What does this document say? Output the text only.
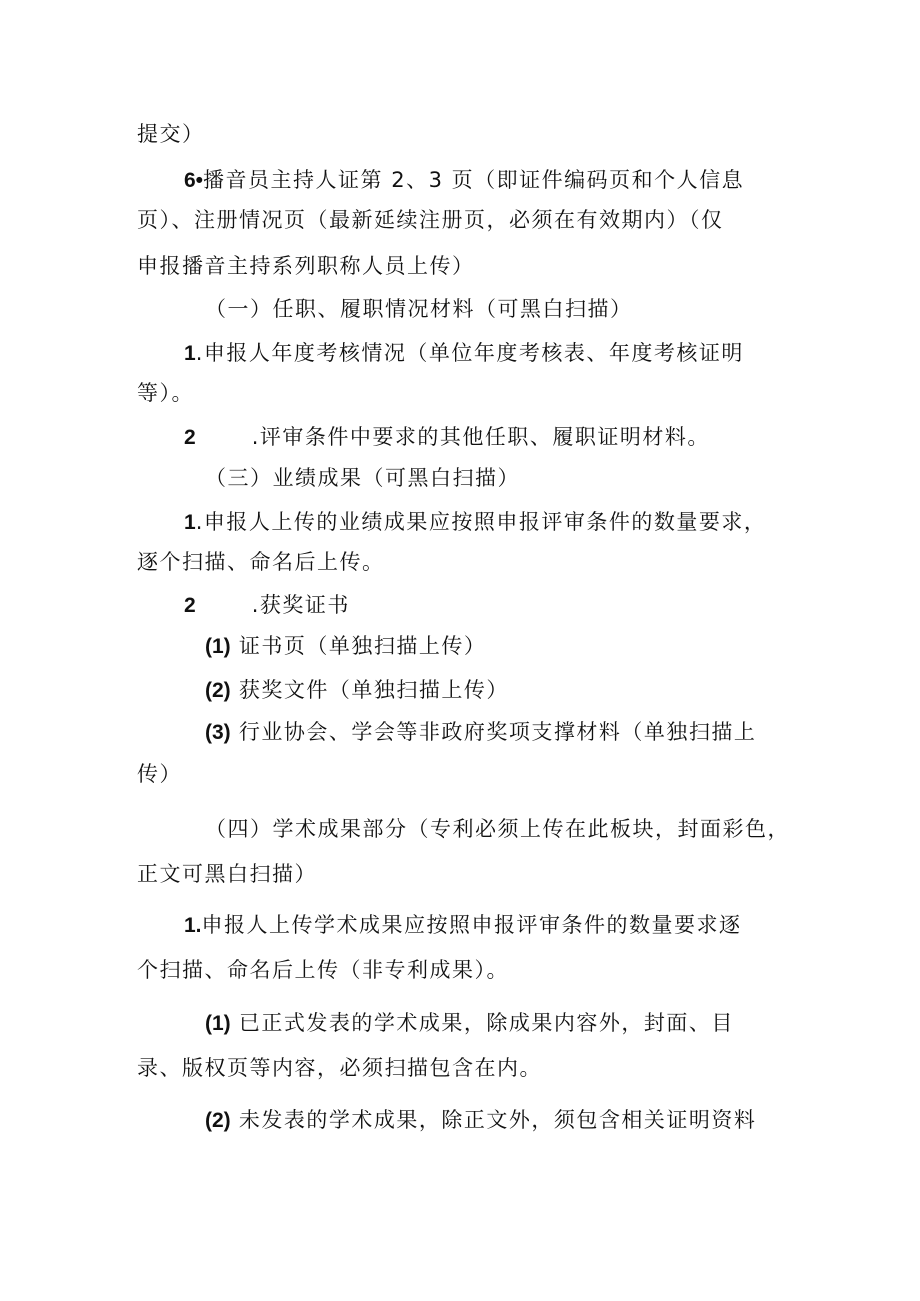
提交）
6•播音员主持人证第 2、3 页（即证件编码页和个人信息
页）、注册情况页（最新延续注册页，必须在有效期内）（仅
申报播音主持系列职称人员上传）
（一）任职、履职情况材料（可黑白扫描）
1.申报人年度考核情况（单位年度考核表、年度考核证明
等）。
2	.评审条件中要求的其他任职、履职证明材料。
（三）业绩成果（可黑白扫描）
1.申报人上传的业绩成果应按照申报评审条件的数量要求，
逐个扫描、命名后上传。
2	.获奖证书
(1) 证书页（单独扫描上传）
(2) 获奖文件（单独扫描上传）
(3) 行业协会、学会等非政府奖项支撑材料（单独扫描上
传）
（四）学术成果部分（专利必须上传在此板块，封面彩色，
正文可黑白扫描）
1.申报人上传学术成果应按照申报评审条件的数量要求逐
个扫描、命名后上传（非专利成果）。
(1) 已正式发表的学术成果，除成果内容外，封面、目
录、版权页等内容，必须扫描包含在内。
(2) 未发表的学术成果，除正文外，须包含相关证明资料
